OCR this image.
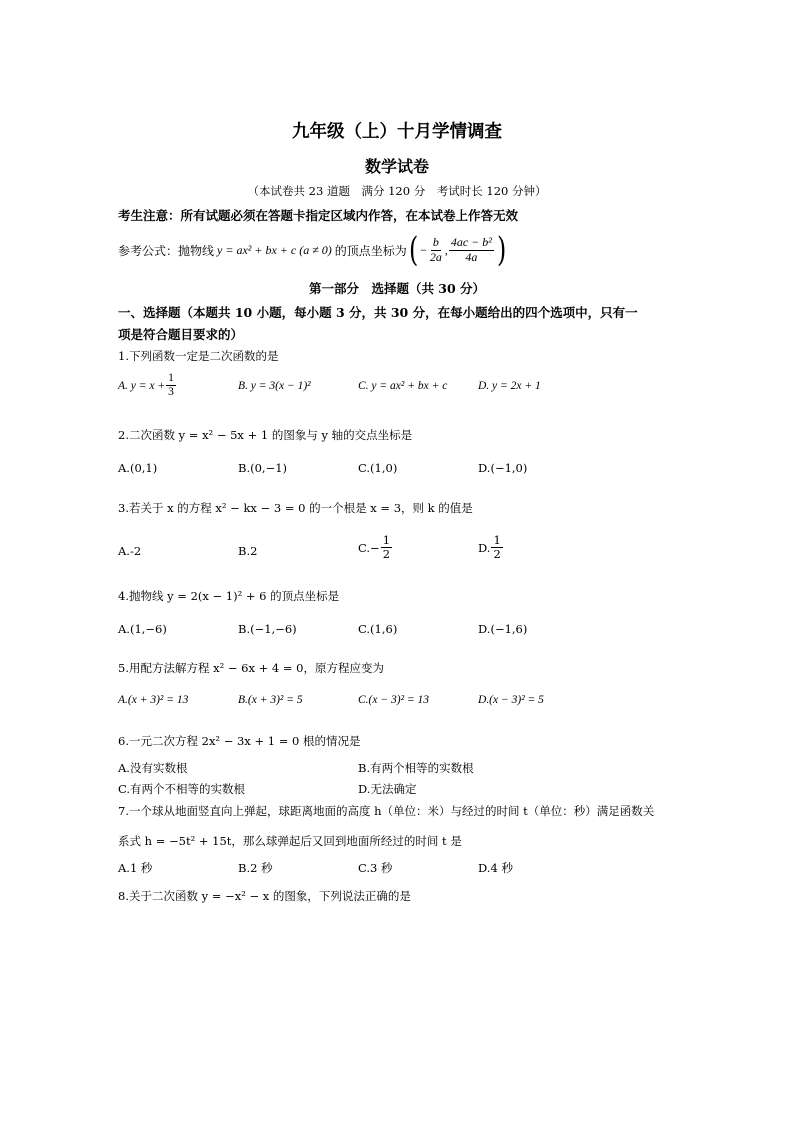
九年级（上）十月学情调查
数学试卷
（本试卷共 23 道题　满分 120 分　考试时长 120 分钟）
考生注意：所有试题必须在答题卡指定区域内作答，在本试卷上作答无效
参考公式：抛物线 y = ax² + bx + c (a ≠ 0) 的顶点坐标为 ( − $\frac{b}{2a}$ , $\frac{\text{4ac − b²}}{4a}$ )
第一部分　选择题（共 30 分）
一、选择题（本题共 10 小题，每小题 3 分，共 30 分，在每小题给出的四个选项中，只有一
项是符合题目要求的）
1.下列函数一定是二次函数的是
A. $y = x + \frac{1}{3}$	B. y = 3(x − 1)²	C. y = ax² + bx + c	D. y = 2x + 1
2.二次函数 y = x² − 5x + 1 的图象与 y 轴的交点坐标是
A.(0,1)	B.(0,−1)	C.(1,0)	D.(−1,0)
3.若关于 x 的方程 x² − kx − 3 = 0 的一个根是 x = 3，则 k 的值是
A.-2	B.2	$C.- \frac{1}{2}$	D. $\frac{1}{2}$
4.抛物线 y = 2(x − 1)² + 6 的顶点坐标是
A.(1,−6)	B.(−1,−6)	C.(1,6)	D.(−1,6)
5.用配方法解方程 x² − 6x + 4 = 0，原方程应变为
A.(x + 3)² = 13	B.(x + 3)² = 5	C.(x − 3)² = 13	D.(x − 3)² = 5
6.一元二次方程 2x² − 3x + 1 = 0 根的情况是
A.没有实数根	B.有两个相等的实数根
C.有两个不相等的实数根	D.无法确定
7.一个球从地面竖直向上弹起，球距离地面的高度 h（单位：米）与经过的时间 t（单位：秒）满足函数关
系式 h = −5t² + 15t，那么球弹起后又回到地面所经过的时间 t 是
A.1 秒	B.2 秒	C.3 秒	D.4 秒
8.关于二次函数 y = −x² − x 的图象，下列说法正确的是
